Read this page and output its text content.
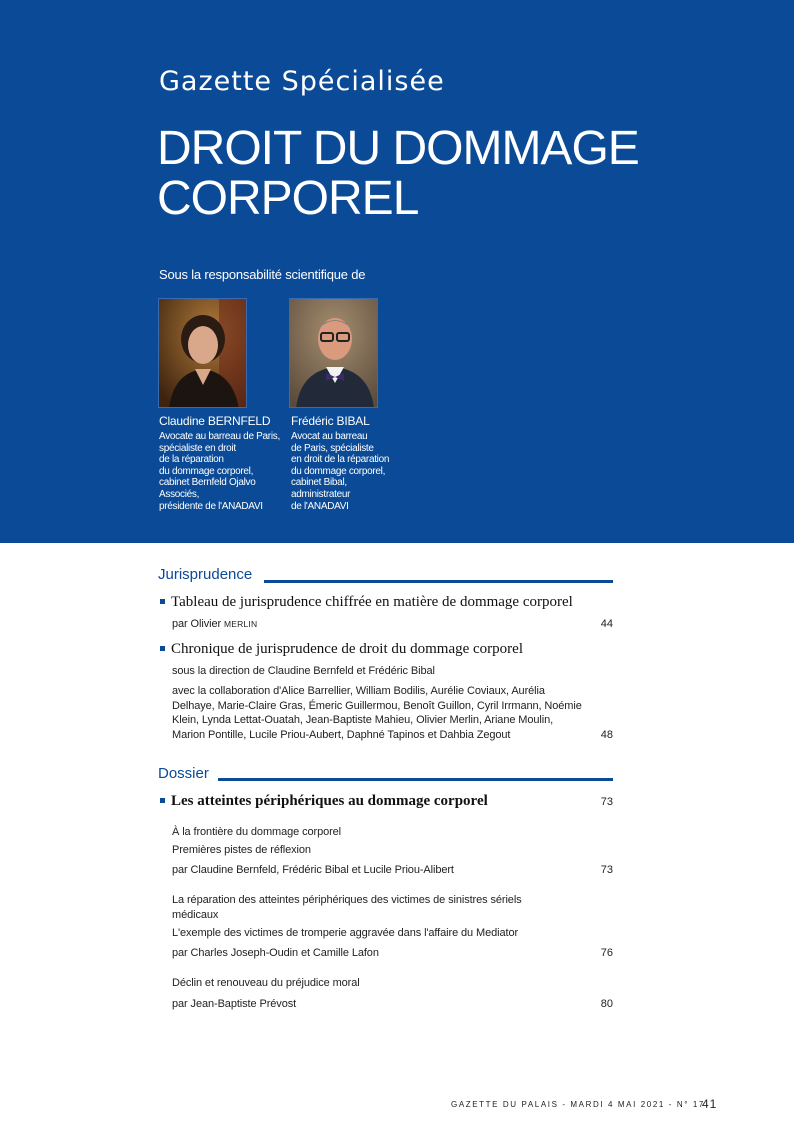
Gazette Spécialisée
DROIT DU DOMMAGE
CORPOREL
Sous la responsabilité scientifique de
Claudine BERNFELD
Avocate au barreau de Paris,
spécialiste en droit
de la réparation
du dommage corporel,
cabinet Bernfeld Ojalvo
Associés,
présidente de l'ANADAVI
Frédéric BIBAL
Avocat au barreau
de Paris, spécialiste
en droit de la réparation
du dommage corporel,
cabinet Bibal,
administrateur
de l'ANADAVI
Jurisprudence
Tableau de jurisprudence chiffrée en matière de dommage corporel
par Olivier MERLIN	44
Chronique de jurisprudence de droit du dommage corporel
sous la direction de Claudine Bernfeld et Frédéric Bibal
avec la collaboration d'Alice Barrellier, William Bodilis, Aurélie Coviaux, Aurélia
Delhaye, Marie-Claire Gras, Émeric Guillermou, Benoît Guillon, Cyril Irrmann, Noémie
Klein, Lynda Lettat-Ouatah, Jean-Baptiste Mahieu, Olivier Merlin, Ariane Moulin,
Marion Pontille, Lucile Priou-Aubert, Daphné Tapinos et Dahbia Zegout	48
Dossier
Les atteintes périphériques au dommage corporel	73
À la frontière du dommage corporel
Premières pistes de réflexion
par Claudine Bernfeld, Frédéric Bibal et Lucile Priou-Alibert	73
La réparation des atteintes périphériques des victimes de sinistres sériels
médicaux
L'exemple des victimes de tromperie aggravée dans l'affaire du Mediator
par Charles Joseph-Oudin et Camille Lafon	76
Déclin et renouveau du préjudice moral
par Jean-Baptiste Prévost	80
GAZETTE DU PALAIS - MARDI 4 MAI 2021 - N° 17
41
